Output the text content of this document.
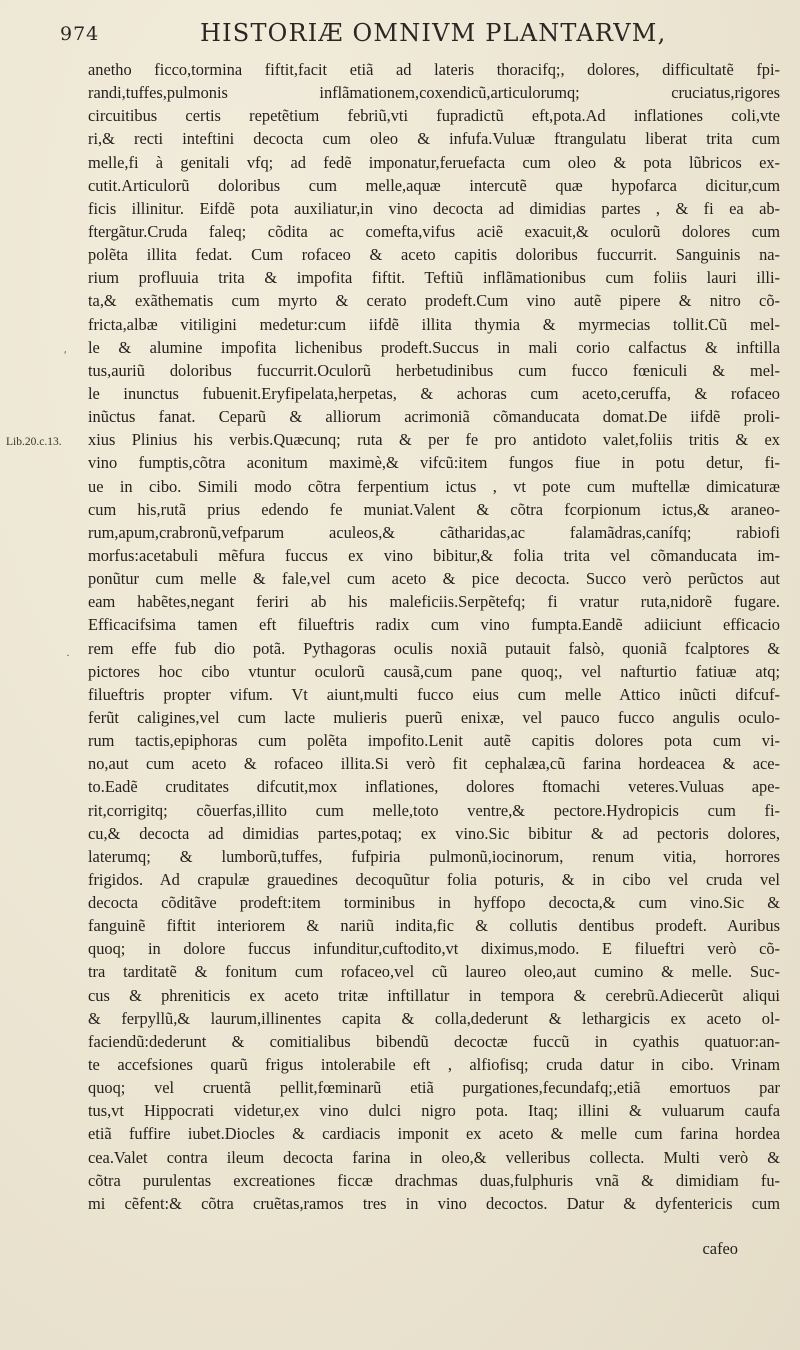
974	HISTORIÆ OMNIVM PLANTARVM,
Lib.20.c.13.
ʹ
·
anetho ficco,tormina fiftit,facit etiã ad lateris thoracifq;, dolores, difficultatẽ fpi-
randi,tuffes,pulmonis inflãmationem,coxendicũ,articulorumq; cruciatus,rigores
circuitibus certis repetẽtium febriũ,vti fupradictũ eft,pota.Ad inflationes coli,vte
ri,& recti inteftini decocta cum oleo & infufa.Vuluæ ftrangulatu liberat trita cum
melle,fi à genitali vfq; ad fedẽ imponatur,feruefacta cum oleo & pota lũbricos ex-
cutit.Articulorũ doloribus cum melle,aquæ intercutẽ quæ hypofarca dicitur,cum
ficis illinitur. Eifdẽ pota auxiliatur,in vino decocta ad dimidias partes , & fi ea ab-
ftergãtur.Cruda faleq; cõdita ac comefta,vifus aciẽ exacuit,& oculorũ dolores cum
polẽta illita fedat. Cum rofaceo & aceto capitis doloribus fuccurrit. Sanguinis na-
rium profluuia trita & impofita fiftit. Teftiũ inflãmationibus cum foliis lauri illi-
ta,& exãthematis cum myrto & cerato prodeft.Cum vino autẽ pipere & nitro cõ-
fricta,albæ vitiligini medetur:cum iifdẽ illita thymia & myrmecias tollit.Cũ mel-
le & alumine impofita lichenibus prodeft.Succus in mali corio calfactus & inftilla
tus,auriũ doloribus fuccurrit.Oculorũ herbetudinibus cum fucco fœniculi & mel-
le inunctus fubuenit.Eryfipelata,herpetas, & achoras cum aceto,ceruffa, & rofaceo
inũctus fanat. Ceparũ & alliorum acrimoniã cõmanducata domat.De iifdẽ proli-
xius Plinius his verbis.Quæcunq; ruta & per fe pro antidoto valet,foliis tritis & ex
vino fumptis,cõtra aconitum maximè,& vifcũ:item fungos fiue in potu detur, fi-
ue in cibo. Simili modo cõtra ferpentium ictus , vt pote cum muftellæ dimicaturæ
cum his,rutã prius edendo fe muniat.Valent & cõtra fcorpionum ictus,& araneo-
rum,apum,crabronũ,vefparum aculeos,& cãtharidas,ac falamãdras,canífq; rabiofi
morfus:acetabuli mẽfura fuccus ex vino bibitur,& folia trita vel cõmanducata im-
ponũtur cum melle & fale,vel cum aceto & pice decocta. Succo verò perũctos aut
eam habẽtes,negant feriri ab his maleficiis.Serpẽtefq; fi vratur ruta,nidorẽ fugare.
Efficacifsima tamen eft filueftris radix cum vino fumpta.Eandẽ adiiciunt efficacio
rem effe fub dio potã. Pythagoras oculis noxiã putauit falsò, quoniã fcalptores &
pictores hoc cibo vtuntur oculorũ causã,cum pane quoq;, vel nafturtio fatiuæ atq;
filueftris propter vifum. Vt aiunt,multi fucco eius cum melle Attico inũcti difcuf-
ferũt caligines,vel cum lacte mulieris puerũ enixæ, vel pauco fucco angulis oculo-
rum tactis,epiphoras cum polẽta impofito.Lenit autẽ capitis dolores pota cum vi-
no,aut cum aceto & rofaceo illita.Si verò fit cephalæa,cũ farina hordeacea & ace-
to.Eadẽ cruditates difcutit,mox inflationes, dolores ftomachi veteres.Vuluas ape-
rit,corrigitq; cõuerfas,illito cum melle,toto ventre,& pectore.Hydropicis cum fi-
cu,& decocta ad dimidias partes,potaq; ex vino.Sic bibitur & ad pectoris dolores,
laterumq; & lumborũ,tuffes, fufpiria pulmonũ,iocinorum, renum vitia, horrores
frigidos. Ad crapulæ grauedines decoquũtur folia poturis, & in cibo vel cruda vel
decocta cõditãve prodeft:item torminibus in hyffopo decocta,& cum vino.Sic &
fanguinẽ fiftit interiorem & nariũ indita,fic & collutis dentibus prodeft. Auribus
quoq; in dolore fuccus infunditur,cuftodito,vt diximus,modo. E filueftri verò cõ-
tra tarditatẽ & fonitum cum rofaceo,vel cũ laureo oleo,aut cumino & melle. Suc-
cus & phreniticis ex aceto tritæ inftillatur in tempora & cerebrũ.Adiecerũt aliqui
& ferpyllũ,& laurum,illinentes capita & colla,dederunt & lethargicis ex aceto ol-
faciendũ:dederunt & comitialibus bibendũ decoctæ fuccũ in cyathis quatuor:an-
te accefsiones quarũ frigus intolerabile eft , alfiofisq; cruda datur in cibo. Vrinam
quoq; vel cruentã pellit,fœminarũ etiã purgationes,fecundafq;,etiã emortuos par
tus,vt Hippocrati videtur,ex vino dulci nigro pota. Itaq; illini & vuluarum caufa
etiã fuffire iubet.Diocles & cardiacis imponit ex aceto & melle cum farina hordea
cea.Valet contra ileum decocta farina in oleo,& velleribus collecta. Multi verò &
cõtra purulentas excreationes ficcæ drachmas duas,fulphuris vnã & dimidiam fu-
mi cẽfent:& cõtra cruẽtas,ramos tres in vino decoctos. Datur & dyfentericis cum
cafeo
